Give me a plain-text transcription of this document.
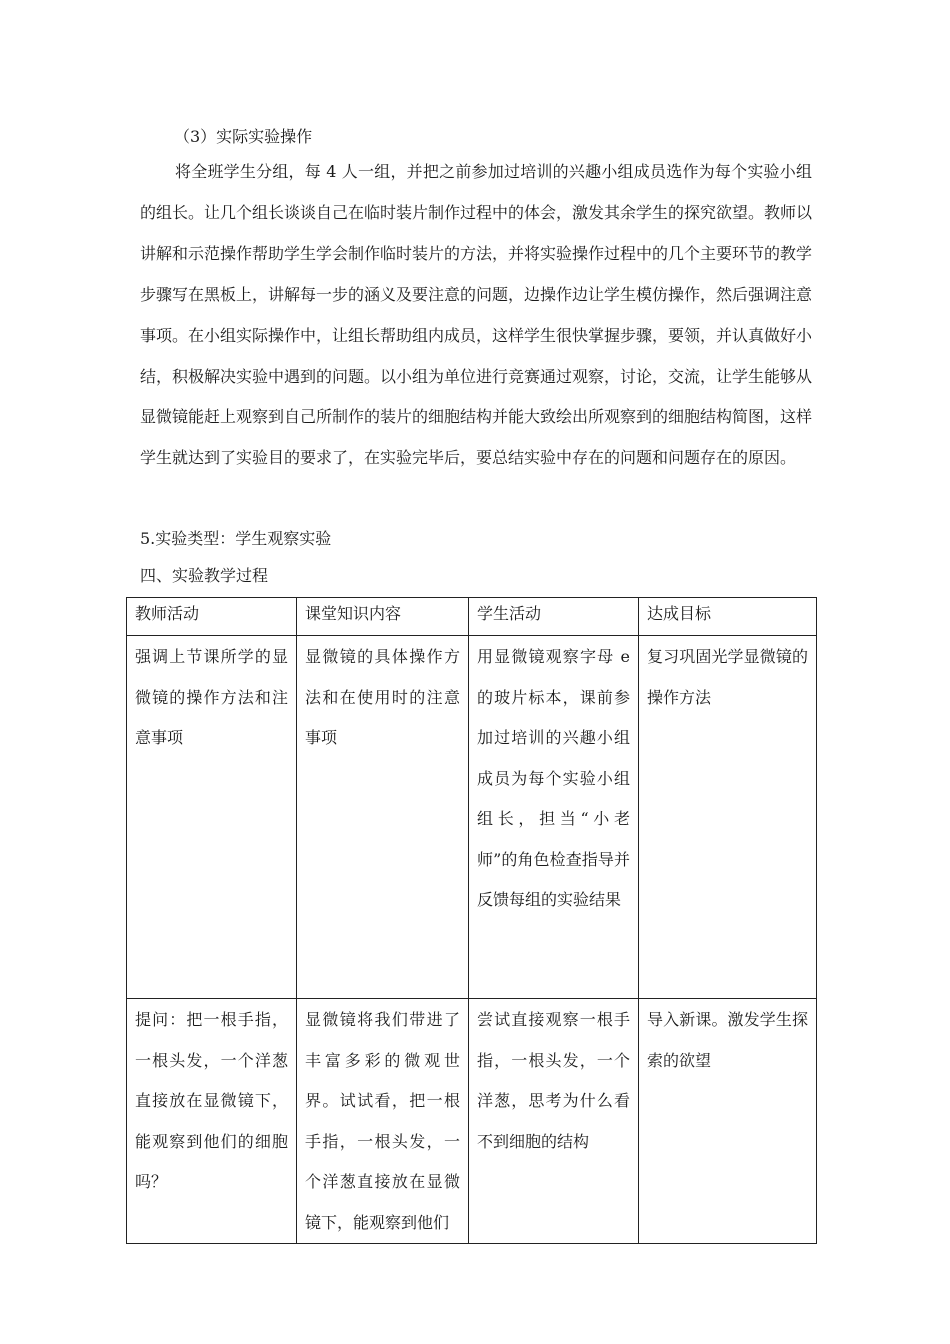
（3）实际实验操作

将全班学生分组，每 4 人一组，并把之前参加过培训的兴趣小组成员选作为每个实验小组的组长。让几个组长谈谈自己在临时装片制作过程中的体会，激发其余学生的探究欲望。教师以讲解和示范操作帮助学生学会制作临时装片的方法，并将实验操作过程中的几个主要环节的教学步骤写在黑板上，讲解每一步的涵义及要注意的问题，边操作边让学生模仿操作，然后强调注意事项。在小组实际操作中，让组长帮助组内成员，这样学生很快掌握步骤，要领，并认真做好小结，积极解决实验中遇到的问题。以小组为单位进行竞赛通过观察，讨论，交流，让学生能够从显微镜能赶上观察到自己所制作的装片的细胞结构并能大致绘出所观察到的细胞结构简图，这样学生就达到了实验目的要求了，在实验完毕后，要总结实验中存在的问题和问题存在的原因。

5.实验类型：学生观察实验
四、实验教学过程
教师活动	课堂知识内容	学生活动	达成目标

强调上节课所学的显微镜的操作方法和注意事项	显微镜的具体操作方法和在使用时的注意事项	用显微镜观察字母 e 的玻片标本，课前参加过培训的兴趣小组成员为每个实验小组组长，担当“小老师”的角色检查指导并反馈每组的实验结果	复习巩固光学显微镜的操作方法

提问：把一根手指，一根头发，一个洋葱直接放在显微镜下，能观察到他们的细胞吗？	显微镜将我们带进了丰富多彩的微观世界。试试看，把一根手指，一根头发，一个洋葱直接放在显微镜下，能观察到他们	尝试直接观察一根手指，一根头发，一个洋葱，思考为什么看不到细胞的结构	导入新课。激发学生探索的欲望
